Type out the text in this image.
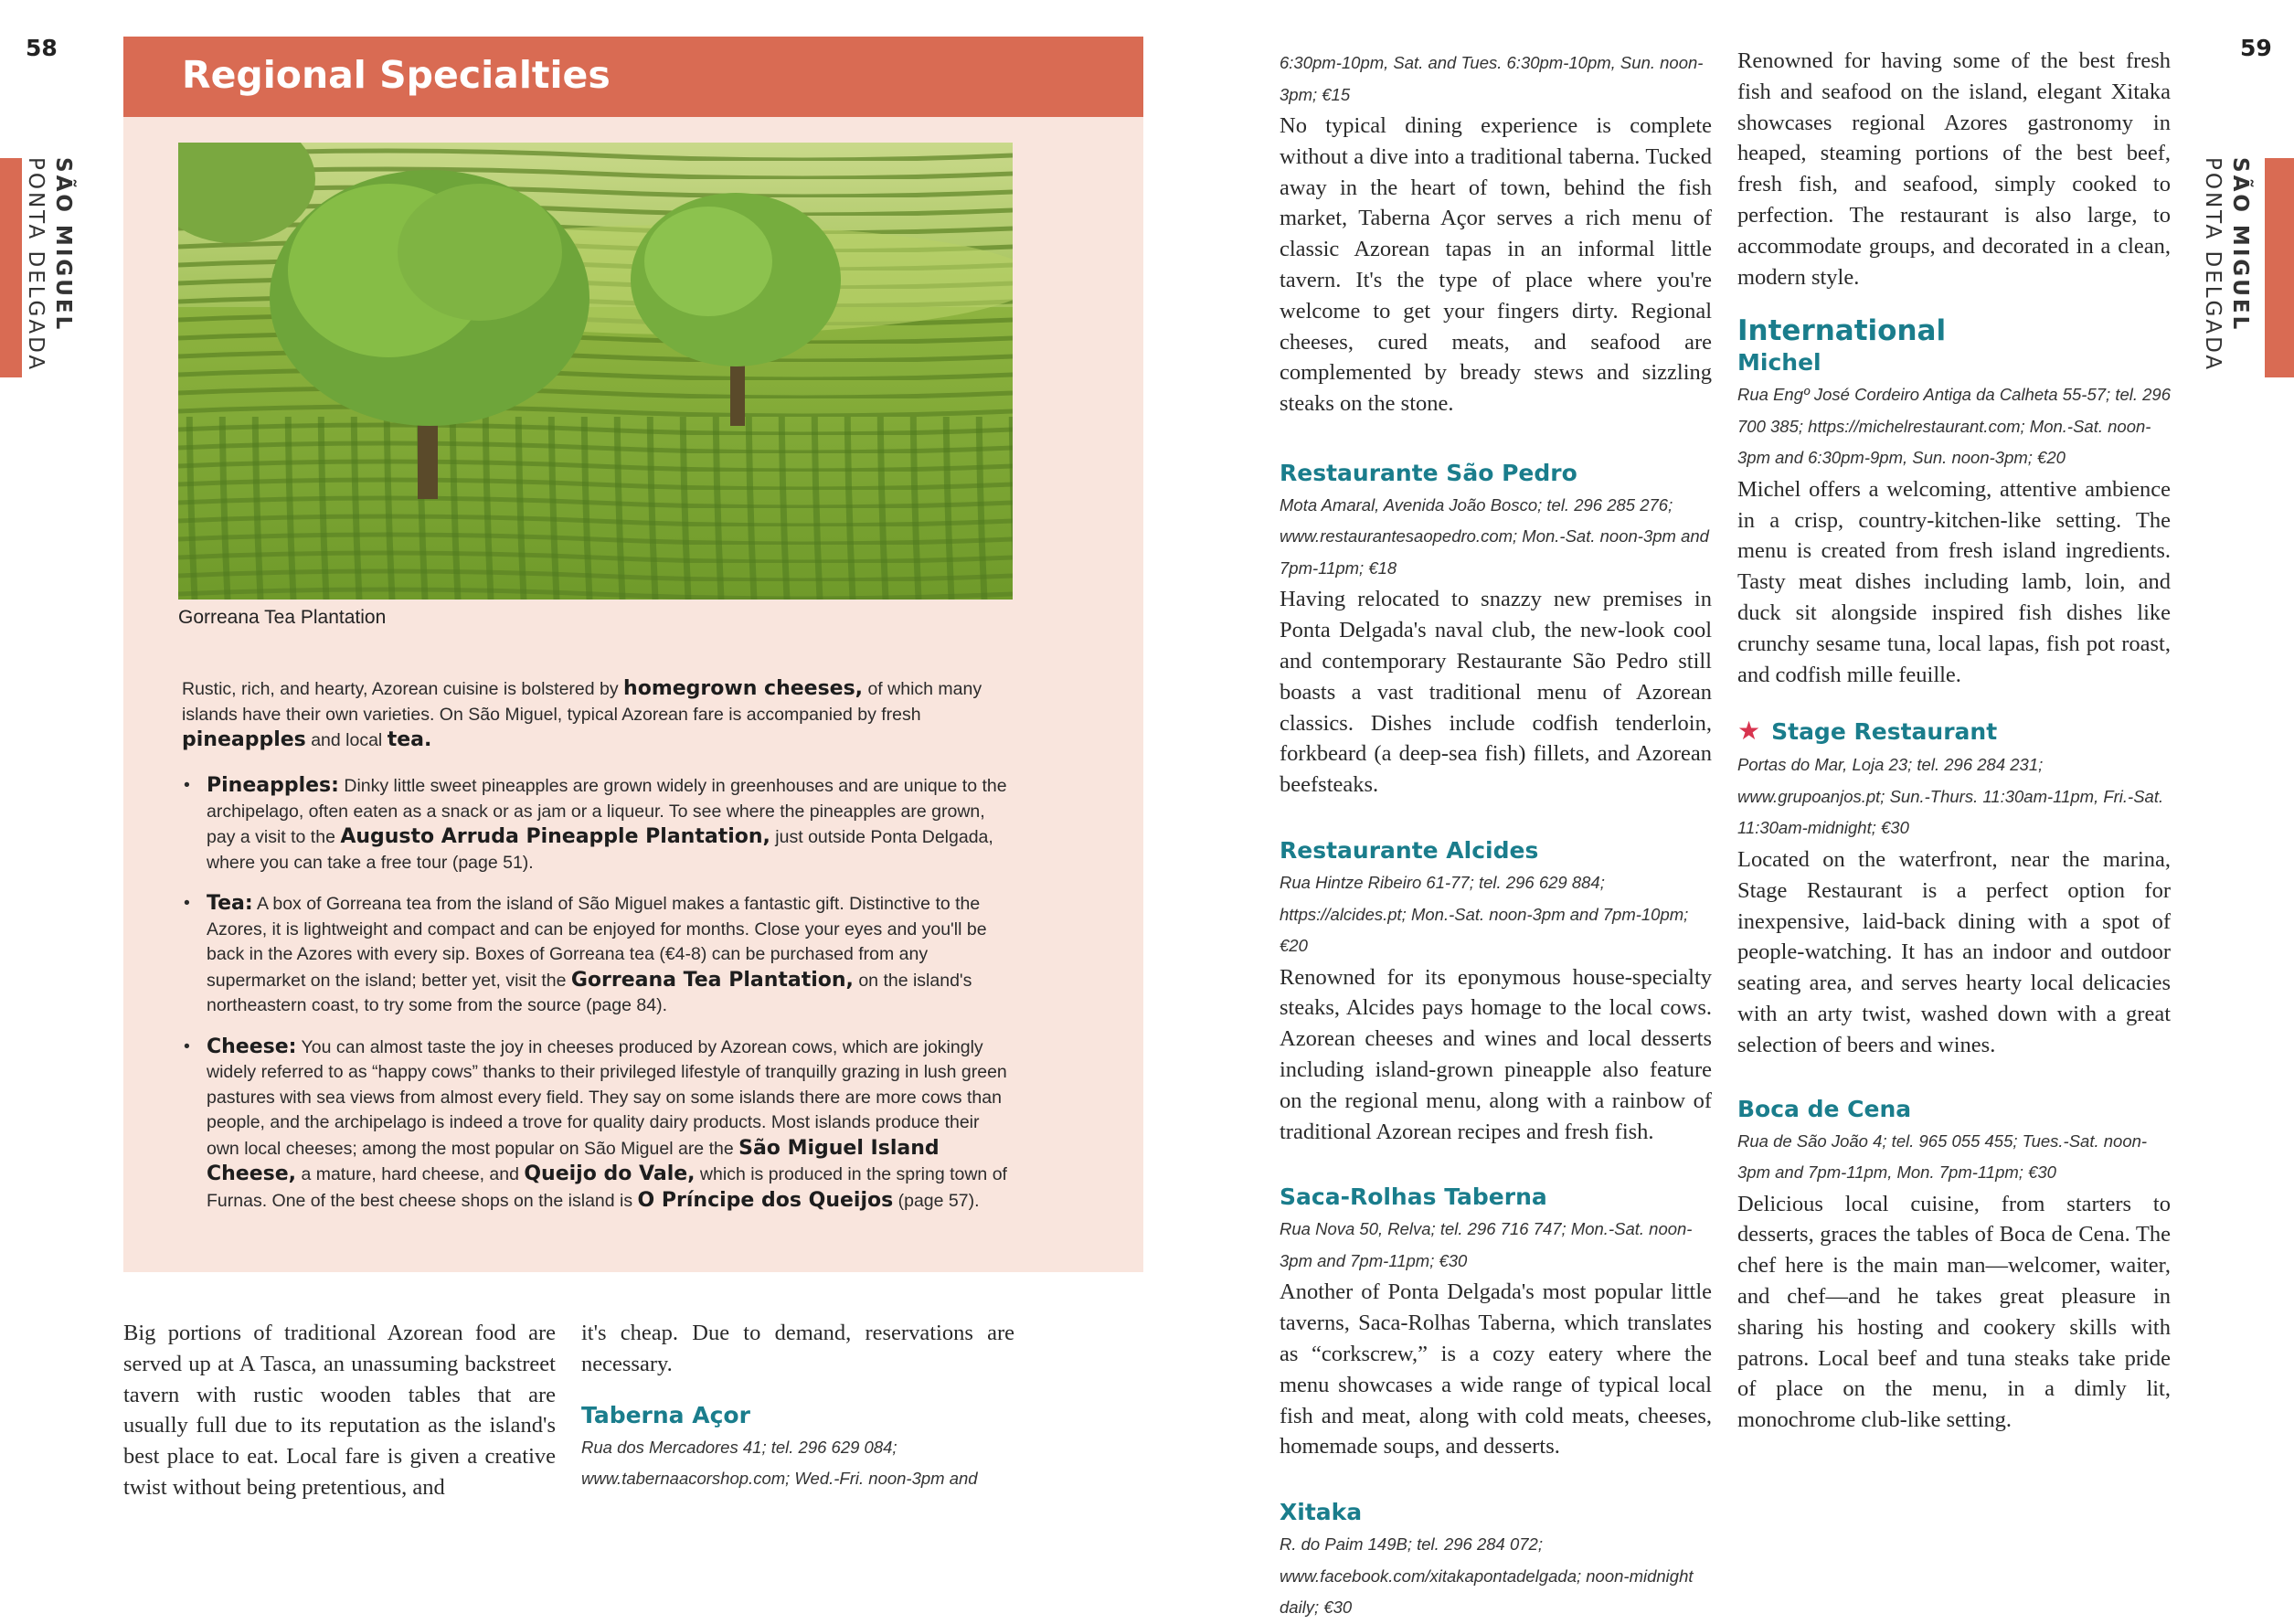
58
SÃO MIGUEL
PONTA DELGADA
Regional Specialties
Gorreana Tea Plantation
Rustic, rich, and hearty, Azorean cuisine is bolstered by homegrown cheeses, of which many islands have their own varieties. On São Miguel, typical Azorean fare is accompanied by fresh pineapples and local tea.
• Pineapples: Dinky little sweet pineapples are grown widely in greenhouses and are unique to the archipelago, often eaten as a snack or as jam or a liqueur. To see where the pineapples are grown, pay a visit to the Augusto Arruda Pineapple Plantation, just outside Ponta Delgada, where you can take a free tour (page 51).
• Tea: A box of Gorreana tea from the island of São Miguel makes a fantastic gift. Distinctive to the Azores, it is lightweight and compact and can be enjoyed for months. Close your eyes and you'll be back in the Azores with every sip. Boxes of Gorreana tea (€4-8) can be purchased from any supermarket on the island; better yet, visit the Gorreana Tea Plantation, on the island's northeastern coast, to try some from the source (page 84).
• Cheese: You can almost taste the joy in cheeses produced by Azorean cows, which are jokingly widely referred to as “happy cows” thanks to their privileged lifestyle of tranquilly grazing in lush green pastures with sea views from almost every field. They say on some islands there are more cows than people, and the archipelago is indeed a trove for quality dairy products. Most islands produce their own local cheeses; among the most popular on São Miguel are the São Miguel Island Cheese, a mature, hard cheese, and Queijo do Vale, which is produced in the spring town of Furnas. One of the best cheese shops on the island is O Príncipe dos Queijos (page 57).

Big portions of traditional Azorean food are served up at A Tasca, an unassuming backstreet tavern with rustic wooden tables that are usually full due to its reputation as the island's best place to eat. Local fare is given a creative twist without being pretentious, and

it's cheap. Due to demand, reservations are necessary.

Taberna Açor

Rua dos Mercadores 41; tel. 296 629 084; www.tabernaacorshop.com; Wed.-Fri. noon-3pm and

59
SÃO MIGUEL
PONTA DELGADA

6:30pm-10pm, Sat. and Tues. 6:30pm-10pm, Sun. noon-3pm; €15

No typical dining experience is complete without a dive into a traditional taberna. Tucked away in the heart of town, behind the fish market, Taberna Açor serves a rich menu of classic Azorean tapas in an informal little tavern. It's the type of place where you're welcome to get your fingers dirty. Regional cheeses, cured meats, and seafood are complemented by bready stews and sizzling steaks on the stone.

Restaurante São Pedro

Mota Amaral, Avenida João Bosco; tel. 296 285 276; www.restaurantesaopedro.com; Mon.-Sat. noon-3pm and 7pm-11pm; €18

Having relocated to snazzy new premises in Ponta Delgada's naval club, the new-look cool and contemporary Restaurante São Pedro still boasts a vast traditional menu of Azorean classics. Dishes include codfish tenderloin, forkbeard (a deep-sea fish) fillets, and Azorean beefsteaks.

Restaurante Alcides

Rua Hintze Ribeiro 61-77; tel. 296 629 884; https://alcides.pt; Mon.-Sat. noon-3pm and 7pm-10pm; €20

Renowned for its eponymous house-specialty steaks, Alcides pays homage to the local cows. Azorean cheeses and wines and local desserts including island-grown pineapple also feature on the regional menu, along with a rainbow of traditional Azorean recipes and fresh fish.

Saca-Rolhas Taberna

Rua Nova 50, Relva; tel. 296 716 747; Mon.-Sat. noon-3pm and 7pm-11pm; €30

Another of Ponta Delgada's most popular little taverns, Saca-Rolhas Taberna, which translates as “corkscrew,” is a cozy eatery where the menu showcases a wide range of typical local fish and meat, along with cold meats, cheeses, homemade soups, and desserts.

Xitaka

R. do Paim 149B; tel. 296 284 072; www.facebook.com/xitakapontadelgada; noon-midnight daily; €30

Renowned for having some of the best fresh fish and seafood on the island, elegant Xitaka showcases regional Azores gastronomy in heaped, steaming portions of the best beef, fresh fish, and seafood, simply cooked to perfection. The restaurant is also large, to accommodate groups, and decorated in a clean, modern style.

International
Michel

Rua Engº José Cordeiro Antiga da Calheta 55-57; tel. 296 700 385; https://michelrestaurant.com; Mon.-Sat. noon-3pm and 6:30pm-9pm, Sun. noon-3pm; €20

Michel offers a welcoming, attentive ambience in a crisp, country-kitchen-like setting. The menu is created from fresh island ingredients. Tasty meat dishes including lamb, loin, and duck sit alongside inspired fish dishes like crunchy sesame tuna, local lapas, fish pot roast, and codfish mille feuille.

★ Stage Restaurant

Portas do Mar, Loja 23; tel. 296 284 231; www.grupoanjos.pt; Sun.-Thurs. 11:30am-11pm, Fri.-Sat. 11:30am-midnight; €30

Located on the waterfront, near the marina, Stage Restaurant is a perfect option for inexpensive, laid-back dining with a spot of people-watching. It has an indoor and outdoor seating area, and serves hearty local delicacies with an arty twist, washed down with a great selection of beers and wines.

Boca de Cena

Rua de São João 4; tel. 965 055 455; Tues.-Sat. noon-3pm and 7pm-11pm, Mon. 7pm-11pm; €30

Delicious local cuisine, from starters to desserts, graces the tables of Boca de Cena. The chef here is the main man—welcomer, waiter, and chef—and he takes great pleasure in sharing his hosting and cookery skills with patrons. Local beef and tuna steaks take pride of place on the menu, in a dimly lit, monochrome club-like setting.
